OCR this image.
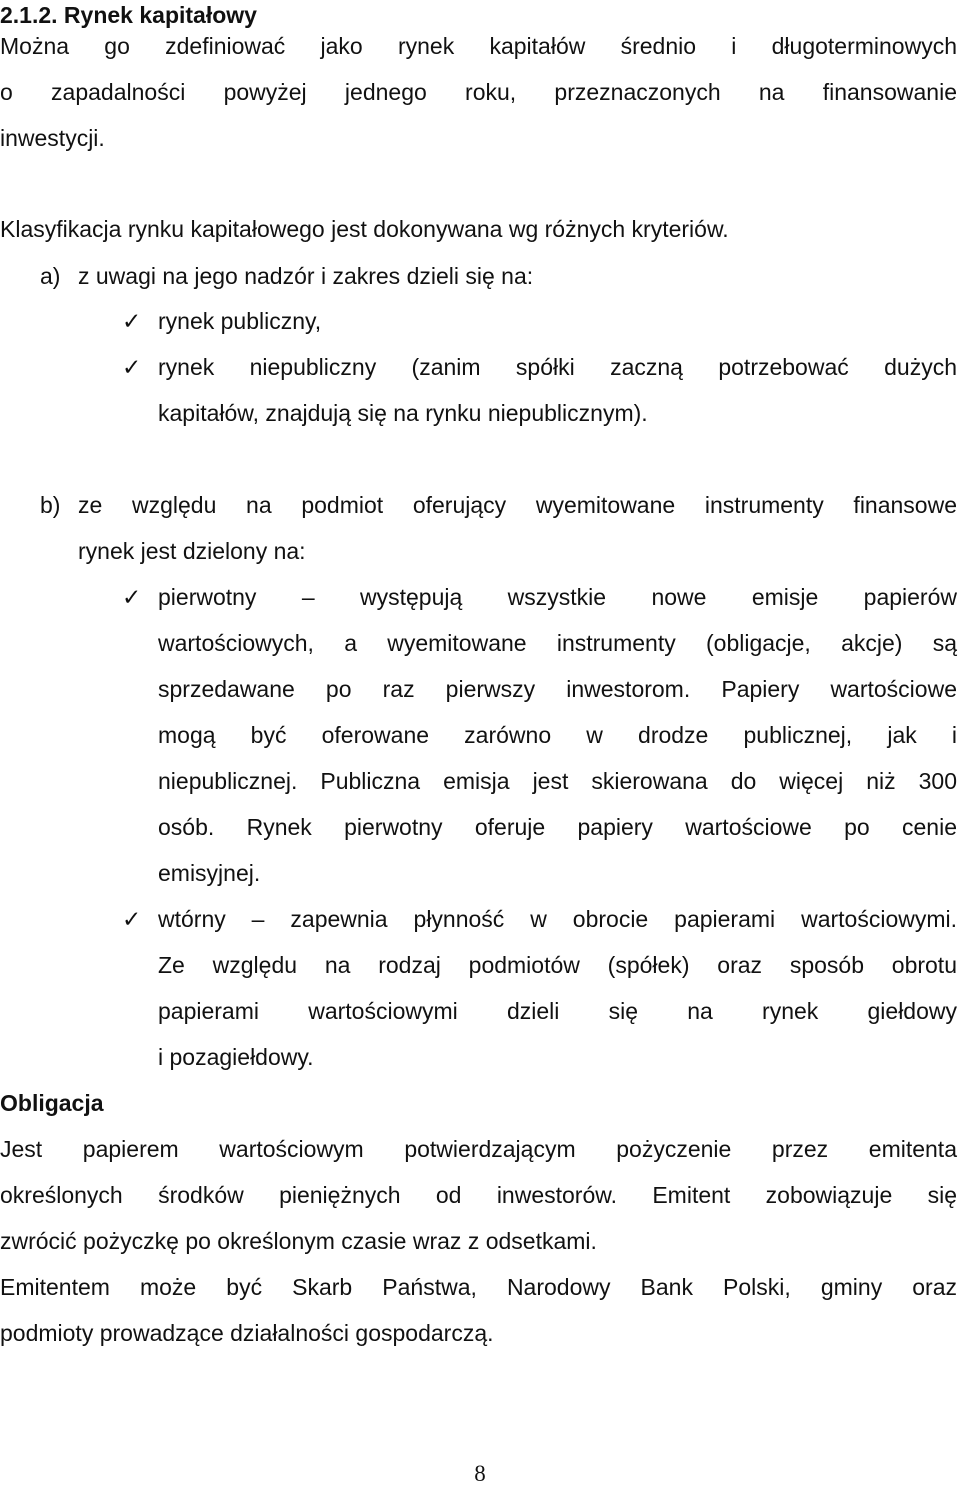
2.1.2. Rynek kapitałowy
Można go zdefiniować jako rynek kapitałów średnio i długoterminowych
o zapadalności powyżej jednego roku, przeznaczonych na finansowanie
inwestycji.
Klasyfikacja rynku kapitałowego jest dokonywana wg różnych kryteriów.
a) z uwagi na jego nadzór i zakres dzieli się na:
✓ rynek publiczny,
✓ rynek niepubliczny (zanim spółki zaczną potrzebować dużych
kapitałów, znajdują się na rynku niepublicznym).
b) ze względu na podmiot oferujący wyemitowane instrumenty finansowe
rynek jest dzielony na:
✓ pierwotny – występują wszystkie nowe emisje papierów
wartościowych, a wyemitowane instrumenty (obligacje, akcje) są
sprzedawane po raz pierwszy inwestorom. Papiery wartościowe
mogą być oferowane zarówno w drodze publicznej, jak i
niepublicznej. Publiczna emisja jest skierowana do więcej niż 300
osób. Rynek pierwotny oferuje papiery wartościowe po cenie
emisyjnej.
✓ wtórny – zapewnia płynność w obrocie papierami wartościowymi.
Ze względu na rodzaj podmiotów (spółek) oraz sposób obrotu
papierami wartościowymi dzieli się na rynek giełdowy
i pozagiełdowy.
Obligacja
Jest papierem wartościowym potwierdzającym pożyczenie przez emitenta
określonych środków pieniężnych od inwestorów. Emitent zobowiązuje się
zwrócić pożyczkę po określonym czasie wraz z odsetkami.
Emitentem może być Skarb Państwa, Narodowy Bank Polski, gminy oraz
podmioty prowadzące działalności gospodarczą.
8
